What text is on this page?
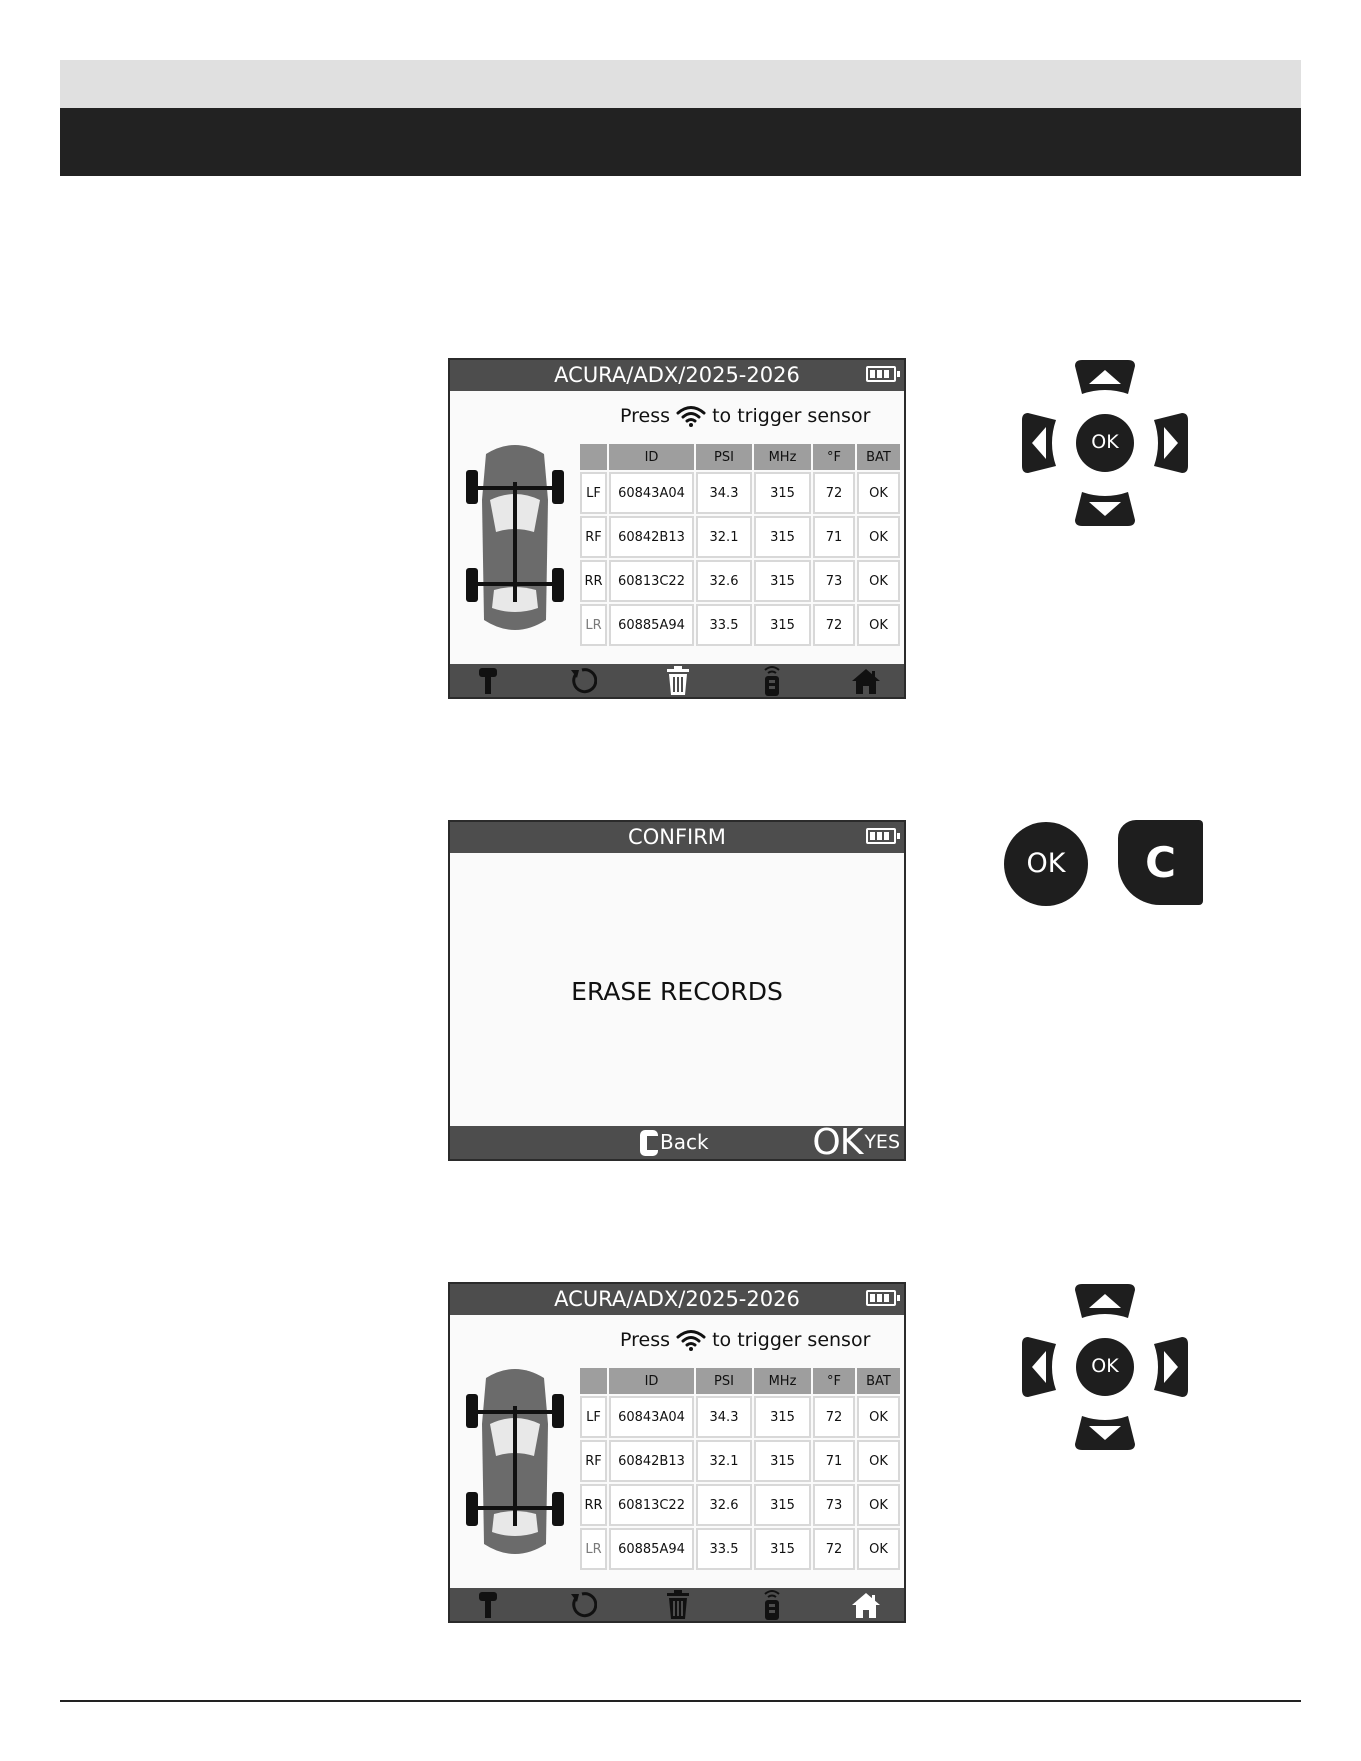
ACURA/ADX/2025-2026
Press to trigger sensor
	ID	PSI	MHz	°F	BAT
LF	60843A04	34.3	315	72	OK
RF	60842B13	32.1	315	71	OK
RR	60813C22	32.6	315	73	OK
LR	60885A94	33.5	315	72	OK
OK
CONFIRM
ERASE RECORDS
Back	OK YES
OK	C
ACURA/ADX/2025-2026
Press to trigger sensor
	ID	PSI	MHz	°F	BAT
LF	60843A04	34.3	315	72	OK
RF	60842B13	32.1	315	71	OK
RR	60813C22	32.6	315	73	OK
LR	60885A94	33.5	315	72	OK
OK
